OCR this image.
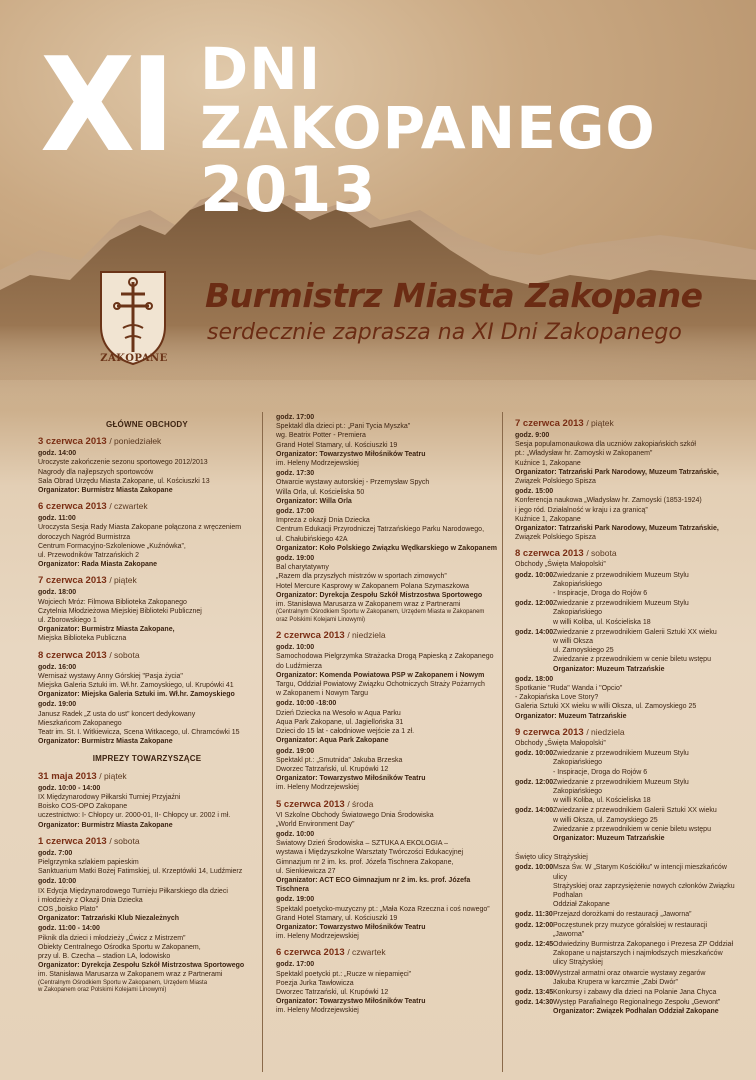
XI DNI ZAKOPANEGO
2013
ZAKOPANE
Burmistrz Miasta Zakopane
serdecznie zaprasza na XI Dni Zakopanego
GŁÓWNE OBCHODY
3 czerwca 2013 / poniedziałek
godz. 14:00
Uroczyste zakończenie sezonu sportowego 2012/2013
Nagrody dla najlepszych sportowców
Sala Obrad Urzędu Miasta Zakopane, ul. Kościuszki 13
Organizator: Burmistrz Miasta Zakopane
6 czerwca 2013 / czwartek
godz. 11:00
Uroczysta Sesja Rady Miasta Zakopane połączona z wręczeniem
doroczych Nagród Burmistrza
Centrum Formacyjno-Szkoleniowe „Kuźnówka”,
ul. Przewodników Tatrzańskich 2
Organizator: Rada Miasta Zakopane
7 czerwca 2013 / piątek
godz. 18:00
Wojciech Mróz: Filmowa Biblioteka Zakopanego
Czytelnia Młodzieżowa Miejskiej Biblioteki Publicznej
ul. Zborowskiego 1
Organizator: Burmistrz Miasta Zakopane,
Miejska Biblioteka Publiczna
8 czerwca 2013 / sobota
godz. 16:00
Wernisaż wystawy Anny Górskiej "Pasja życia"
Miejska Galeria Sztuki im. Wł.hr. Zamoyskiego, ul. Krupówki 41
Organizator: Miejska Galeria Sztuki im. Wł.hr. Zamoyskiego
godz. 19:00
Janusz Radek „Z usta do ust” koncert dedykowany
Mieszkańcom Zakopanego
Teatr im. St. I. Witkiewicza, Scena Witkacego, ul. Chramcówki 15
Organizator: Burmistrz Miasta Zakopane
IMPREZY TOWARZYSZĄCE
31 maja 2013 / piątek
godz. 10:00 - 14:00
IX Międzynarodowy Piłkarski Turniej Przyjaźni
Boisko COS-OPO Zakopane
uczestnictwo: I- Chłopcy ur. 2000-01, II- Chłopcy ur. 2002 i mł.
Organizator: Burmistrz Miasta Zakopane
1 czerwca 2013 / sobota
godz. 7:00
Pielgrzymka szlakiem papieskim
Sanktuarium Matki Bożej Fatimskiej, ul. Krzeptówki 14, Ludźmierz
godz. 10:00
IX Edycja Międzynarodowego Turnieju Piłkarskiego dla dzieci
i młodzieży z Okazji Dnia Dziecka
COS „boisko Plato”
Organizator: Tatrzański Klub Niezależnych
godz. 11:00 - 14:00
Piknik dla dzieci i młodzieży „Ćwicz z Mistrzem”
Obiekty Centralnego Ośrodka Sportu w Zakopanem,
przy ul. B. Czecha – stadion LA, lodowisko
Organizator: Dyrekcja Zespołu Szkół Mistrzostwa Sportowego
im. Stanisława Marusarza w Zakopanem wraz z Partnerami
(Centralnym Ośrodkiem Sportu w Zakopanem, Urzędem Miasta
w Zakopanem oraz Polskimi Kolejami Linowymi)
godz. 17:00
Spektakl dla dzieci pt.: „Pani Tycia Myszka”
wg. Beatrix Potter - Premiera
Grand Hotel Stamary, ul. Kościuszki 19
Organizator: Towarzystwo Miłośników Teatru
im. Heleny Modrzejewskiej
godz. 17:30
Otwarcie wystawy autorskiej - Przemysław Spych
Willa Orla, ul. Kościeliska 50
Organizator: Willa Orla
godz. 17:00
Impreza z okazji Dnia Dziecka
Centrum Edukacji Przyrodniczej Tatrzańskiego Parku Narodowego,
ul. Chałubińskiego 42A
Organizator: Koło Polskiego Związku Wędkarskiego w Zakopanem
godz. 19:00
Bal charytatywny
„Razem dla przyszłych mistrzów w sportach zimowych”
Hotel Mercure Kasprowy w Zakopanem Polana Szymaszkowa
Organizator: Dyrekcja Zespołu Szkół Mistrzostwa Sportowego
im. Stanisława Marusarza w Zakopanem wraz z Partnerami
(Centralnym Ośrodkiem Sportu w Zakopanem, Urzędem Miasta w Zakopanem
oraz Polskimi Kolejami Linowymi)
2 czerwca 2013 / niedziela
godz. 10:00
Samochodowa Pielgrzymka Strażacka Drogą Papieską z Zakopanego
do Ludźmierza
Organizator: Komenda Powiatowa PSP w Zakopanem i Nowym
Targu, Oddział Powiatowy Związku Ochotniczych Straży Pożarnych
w Zakopanem i Nowym Targu
godz. 10:00 -18:00
Dzień Dziecka na Wesoło w Aqua Parku
Aqua Park Zakopane, ul. Jagiellońska 31
Dzieci do 15 lat - całodniowe wejście za 1 zł.
Organizator: Aqua Park Zakopane
godz. 19:00
Spektakl pt.: „Smutnida” Jakuba Brzeska
Dworzec Tatrzański, ul. Krupówki 12
Organizator: Towarzystwo Miłośników Teatru
im. Heleny Modrzejewskiej
5 czerwca 2013 / środa
VI Szkolne Obchody Światowego Dnia Środowiska
„World Environment Day”
godz. 10:00
Światowy Dzień Środowiska – SZTUKA A EKOLOGIA –
wystawa i Międzyszkolne Warsztaty Twórczości Edukacyjnej
Gimnazjum nr 2 im. ks. prof. Józefa Tischnera Zakopane,
ul. Sienkiewicza 27
Organizator: ACT ECO Gimnazjum nr 2 im. ks. prof. Józefa Tischnera
godz. 19:00
Spektakl poetycko-muzyczny pt.: „Mała Koza Rzeczna i coś nowego”
Grand Hotel Stamary, ul. Kościuszki 19
Organizator: Towarzystwo Miłośników Teatru
im. Heleny Modrzejewskiej
6 czerwca 2013 / czwartek
godz. 17:00
Spektakl poetycki pt.: „Rucze w niepamięci”
Poezja Jurka Tawłowicza
Dworzec Tatrzański, ul. Krupówki 12
Organizator: Towarzystwo Miłośników Teatru
im. Heleny Modrzejewskiej
7 czerwca 2013 / piątek
godz. 9:00
Sesja popularnonaukowa dla uczniów zakopiańskich szkół
pt.: „Władysław hr. Zamoyski w Zakopanem”
Kuźnice 1, Zakopane
Organizator: Tatrzański Park Narodowy, Muzeum Tatrzańskie,
Związek Polskiego Spisza
godz. 15:00
Konferencja naukowa „Władysław hr. Zamoyski (1853-1924)
i jego ród. Działalność w kraju i za granicą”
Kuźnice 1, Zakopane
Organizator: Tatrzański Park Narodowy, Muzeum Tatrzańskie,
Związek Polskiego Spisza
8 czerwca 2013 / sobota
Obchody „Święta Małopolski”
godz. 10:00 Zwiedzanie z przewodnikiem Muzeum Stylu Zakopiańskiego
- Inspiracje, Droga do Rojów 6
godz. 12:00 Zwiedzanie z przewodnikiem Muzeum Stylu Zakopiańskiego
w willi Koliba, ul. Kościeliska 18
godz. 14:00 Zwiedzanie z przewodnikiem Galerii Sztuki XX wieku
w willi Oksza
ul. Zamoyskiego 25
Zwiedzanie z przewodnikiem w cenie biletu wstępu
Organizator: Muzeum Tatrzańskie
godz. 18:00
Spotkanie "Ruda" Wanda i "Opcio"
- Zakopiańska Love Story?
Galeria Sztuki XX wieku w willi Oksza, ul. Zamoyskiego 25
Organizator: Muzeum Tatrzańskie
9 czerwca 2013 / niedziela
Obchody „Święta Małopolski”
godz. 10:00 Zwiedzanie z przewodnikiem Muzeum Stylu Zakopiańskiego
- Inspiracje, Droga do Rojów 6
godz. 12:00 Zwiedzanie z przewodnikiem Muzeum Stylu Zakopiańskiego
w willi Koliba, ul. Kościeliska 18
godz. 14:00 Zwiedzanie z przewodnikiem Galerii Sztuki XX wieku
w willi Oksza, ul. Zamoyskiego 25
Zwiedzanie z przewodnikiem w cenie biletu wstępu
Organizator: Muzeum Tatrzańskie
Święto ulicy Strążyskiej
godz. 10:00 Msza Św. W „Starym Kościółku” w intencji mieszkańców ulicy
Strążyskiej oraz zaprzysiężenie nowych członków Związku Podhalan
Oddział Zakopane
godz. 11:30 Przejazd dorożkami do restauracji „Jaworna”
godz. 12:00 Poczęstunek przy muzyce góralskiej w restauracji „Jaworna”
godz. 12:45 Odwiedziny Burmistrza Zakopanego i Prezesa ZP Oddział
Zakopane u najstarszych i najmłodszych mieszkańców ulicy Strążyskiej
godz. 13:00 Wystrzał armatni oraz otwarcie wystawy zegarów
Jakuba Krupera w karczmie „Zabi Dwór”
godz. 13:45 Konkursy i zabawy dla dzieci na Polanie Jana Chyca
godz. 14:30 Występ Parafialnego Regionalnego Zespołu „Gewont”
Organizator: Związek Podhalan Oddział Zakopane
